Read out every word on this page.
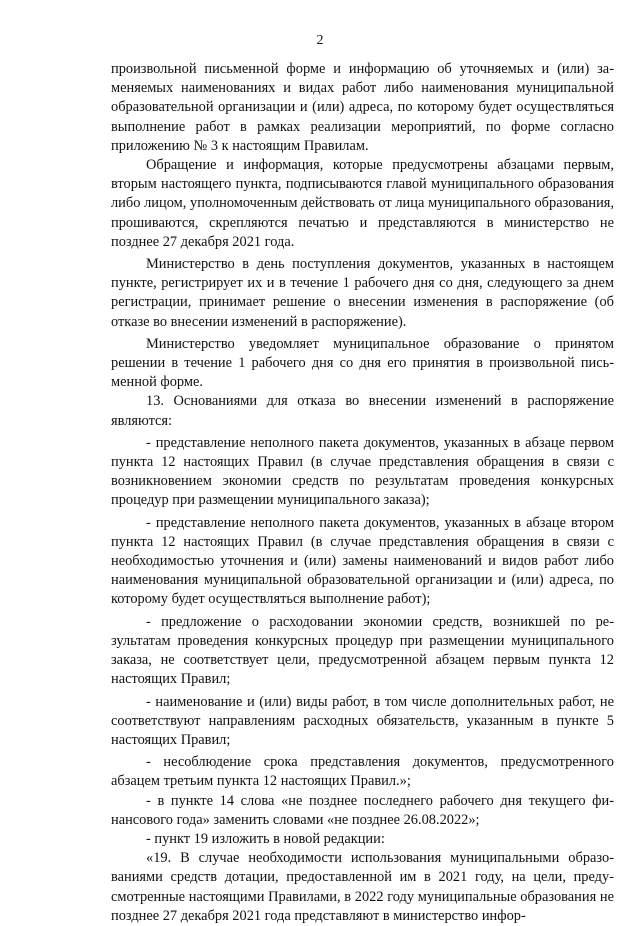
2

произвольной письменной форме и информацию об уточняемых и (или) заменяемых наименованиях и видах работ либо наименования муниципальной образовательной организации и (или) адреса, по которому будет осуществляться выполнение работ в рамках реализации мероприятий, по форме согласно приложению № 3 к настоящим Правилам.

Обращение и информация, которые предусмотрены абзацами первым, вторым настоящего пункта, подписываются главой муниципального образования либо лицом, уполномоченным действовать от лица муниципального образования, прошиваются, скрепляются печатью и представляются в министерство не позднее 27 декабря 2021 года.

Министерство в день поступления документов, указанных в настоящем пункте, регистрирует их и в течение 1 рабочего дня со дня, следующего за днем регистрации, принимает решение о внесении изменения в распоряжение (об отказе во внесении изменений в распоряжение).

Министерство уведомляет муниципальное образование о принятом решении в течение 1 рабочего дня со дня его принятия в произвольной письменной форме.

13. Основаниями для отказа во внесении изменений в распоряжение являются:

- представление неполного пакета документов, указанных в абзаце первом пункта 12 настоящих Правил (в случае представления обращения в связи с возникновением экономии средств по результатам проведения конкурсных процедур при размещении муниципального заказа);

- представление неполного пакета документов, указанных в абзаце втором пункта 12 настоящих Правил (в случае представления обращения в связи с необходимостью уточнения и (или) замены наименований и видов работ либо наименования муниципальной образовательной организации и (или) адреса, по которому будет осуществляться выполнение работ);

- предложение о расходовании экономии средств, возникшей по результатам проведения конкурсных процедур при размещении муниципального заказа, не соответствует цели, предусмотренной абзацем первым пункта 12 настоящих Правил;

- наименование и (или) виды работ, в том числе дополнительных работ, не соответствуют направлениям расходных обязательств, указанным в пункте 5 настоящих Правил;

- несоблюдение срока представления документов, предусмотренного абзацем третьим пункта 12 настоящих Правил.»;

- в пункте 14 слова «не позднее последнего рабочего дня текущего финансового года» заменить словами «не позднее 26.08.2022»;

- пункт 19 изложить в новой редакции:

«19. В случае необходимости использования муниципальными образованиями средств дотации, предоставленной им в 2021 году, на цели, предусмотренные настоящими Правилами, в 2022 году муниципальные образования не позднее 27 декабря 2021 года представляют в министерство инфор-
